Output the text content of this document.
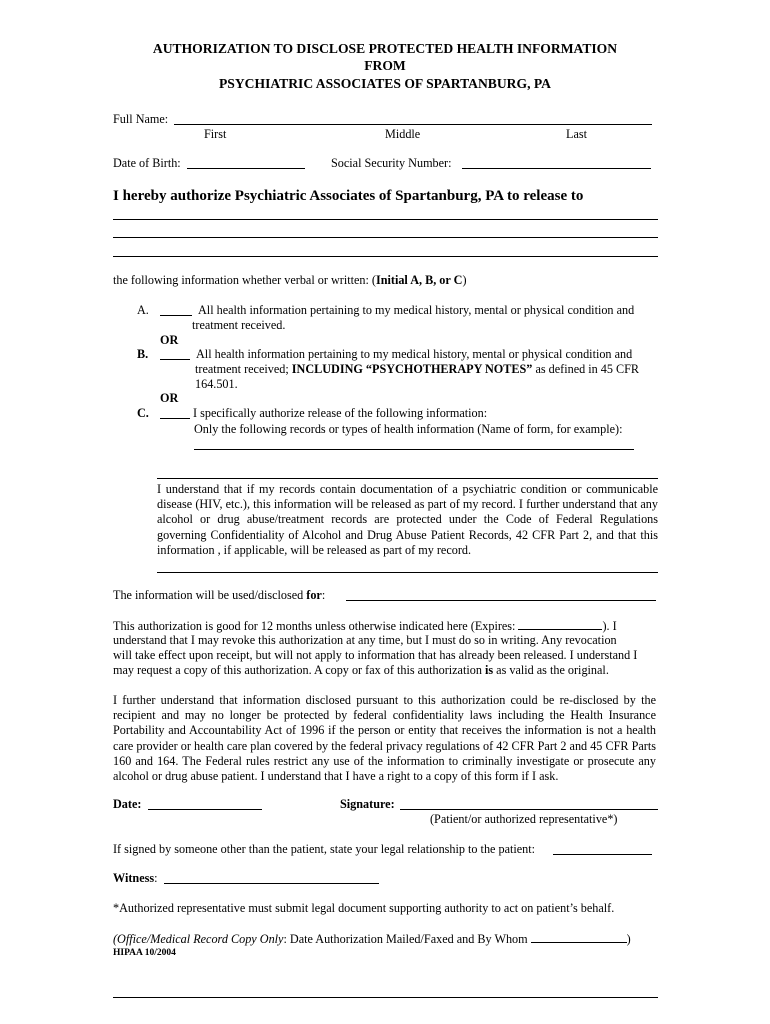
AUTHORIZATION TO DISCLOSE PROTECTED HEALTH INFORMATION
FROM
PSYCHIATRIC ASSOCIATES OF SPARTANBURG, PA
Full Name:
First	Middle	Last
Date of Birth:	Social Security Number:
I hereby authorize Psychiatric Associates of Spartanburg, PA to release to
the following information whether verbal or written: (Initial A, B, or C)
A.	All health information pertaining to my medical history, mental or physical condition and
treatment received.
OR
B.	All health information pertaining to my medical history, mental or physical condition and
treatment received; INCLUDING “PSYCHOTHERAPY NOTES” as defined in 45 CFR
164.501.
OR
C.	I specifically authorize release of the following information:
Only the following records or types of health information (Name of form, for example):
I understand that if my records contain documentation of a psychiatric condition or communicable disease (HIV, etc.), this information will be released as part of my record. I further understand that any alcohol or drug abuse/treatment records are protected under the Code of Federal Regulations governing Confidentiality of Alcohol and Drug Abuse Patient Records, 42 CFR Part 2, and that this information , if applicable, will be released as part of my record.
The information will be used/disclosed for:
This authorization is good for 12 months unless otherwise indicated here (Expires:	). I
understand that I may revoke this authorization at any time, but I must do so in writing. Any revocation
will take effect upon receipt, but will not apply to information that has already been released. I understand I
may request a copy of this authorization. A copy or fax of this authorization is as valid as the original.
I further understand that information disclosed pursuant to this authorization could be re-disclosed by the recipient and may no longer be protected by federal confidentiality laws including the Health Insurance Portability and Accountability Act of 1996 if the person or entity that receives the information is not a health care provider or health care plan covered by the federal privacy regulations of 42 CFR Part 2 and 45 CFR Parts 160 and 164. The Federal rules restrict any use of the information to criminally investigate or prosecute any alcohol or drug abuse patient. I understand that I have a right to a copy of this form if I ask.
Date:	Signature:
(Patient/or authorized representative*)
If signed by someone other than the patient, state your legal relationship to the patient:
Witness:
*Authorized representative must submit legal document supporting authority to act on patient’s behalf.
(Office/Medical Record Copy Only: Date Authorization Mailed/Faxed and By Whom	)
HIPAA 10/2004
